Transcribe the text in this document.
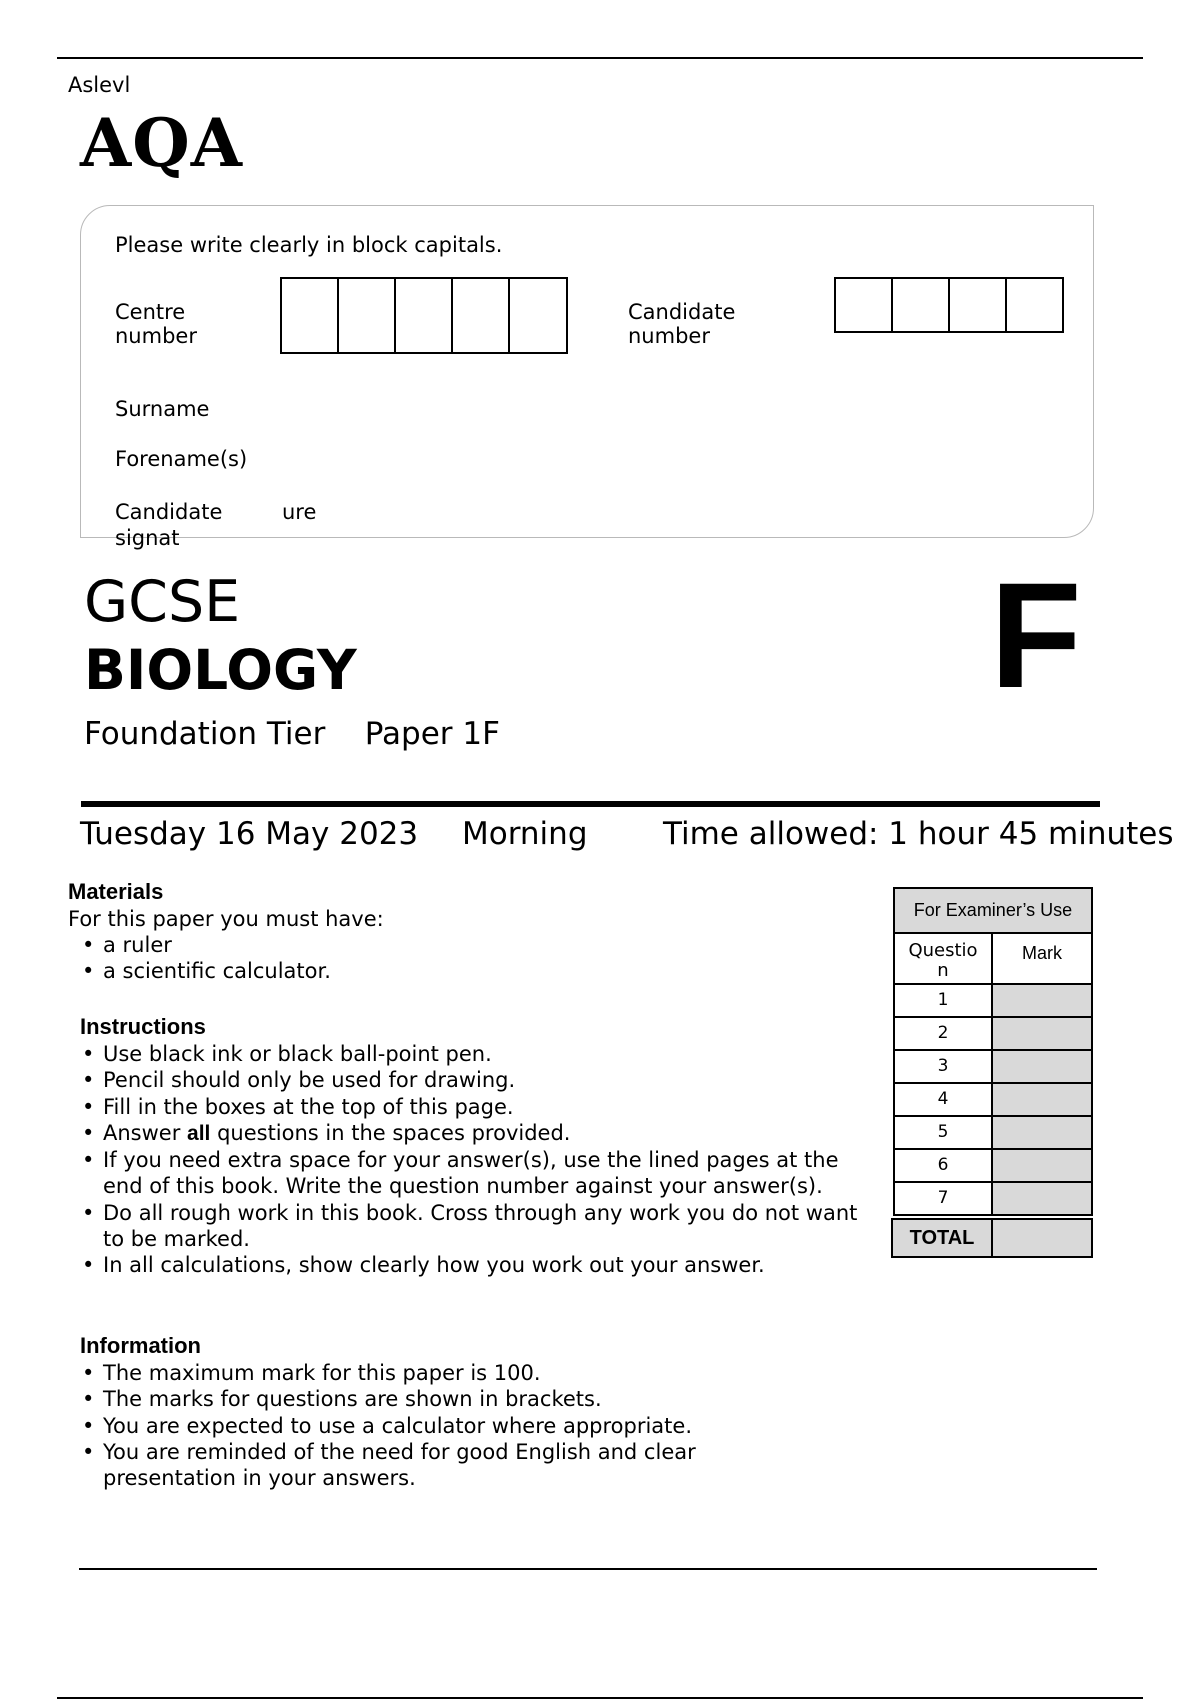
Aslevl
AQA
Please write clearly in block capitals.
Centre
number
Candidate
number
Surname
Forename(s)
Candidate	ure
signat
GCSE
BIOLOGY	F
Foundation Tier    Paper 1F
Tuesday 16 May 2023 Morning Time allowed: 1 hour 45 minutes
Materials
For this paper you must have:
• a ruler
• a scientific calculator.
Instructions
• Use black ink or black ball-point pen.
• Pencil should only be used for drawing.
• Fill in the boxes at the top of this page.
• Answer all questions in the spaces provided.
• If you need extra space for your answer(s), use the lined pages at the end of this book. Write the question number against your answer(s).
• Do all rough work in this book. Cross through any work you do not want to be marked.
• In all calculations, show clearly how you work out your answer.
Information
• The maximum mark for this paper is 100.
• The marks for questions are shown in brackets.
• You are expected to use a calculator where appropriate.
• You are reminded of the need for good English and clear presentation in your answers.
For Examiner’s Use
Question
Mark
1
2
3
4
5
6
7
TOTAL
